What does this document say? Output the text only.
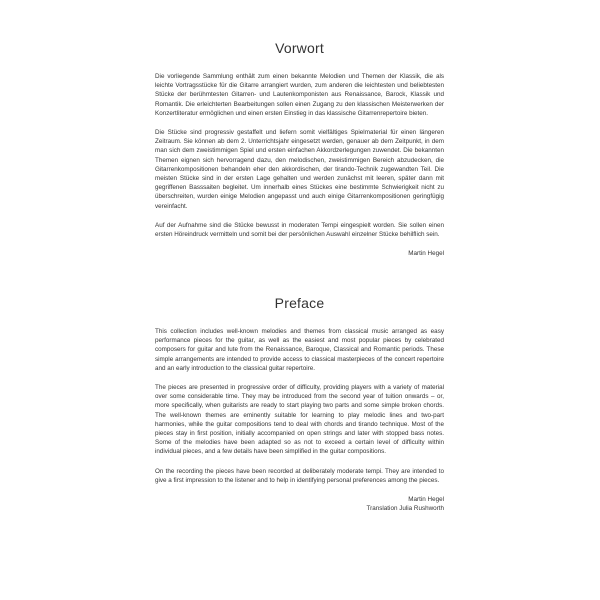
Vorwort

Die vorliegende Sammlung enthält zum einen bekannte Melodien und Themen der Klassik, die als leichte Vortragsstücke für die Gitarre arrangiert wurden, zum anderen die leichtesten und beliebtesten Stücke der berühmtesten Gitarren- und Lautenkomponisten aus Renaissance, Barock, Klassik und Romantik. Die erleichterten Bearbeitungen sollen einen Zugang zu den klassischen Meisterwerken der Konzertliteratur ermöglichen und einen ersten Einstieg in das klassische Gitarrenrepertoire bieten.

Die Stücke sind progressiv gestaffelt und liefern somit vielfältiges Spielmaterial für einen längeren Zeitraum. Sie können ab dem 2. Unterrichtsjahr eingesetzt werden, genauer ab dem Zeitpunkt, in dem man sich dem zweistimmigen Spiel und ersten einfachen Akkordzerlegungen zuwendet. Die bekannten Themen eignen sich hervorragend dazu, den melodischen, zweistimmigen Bereich abzudecken, die Gitarrenkompositionen behandeln eher den akkordischen, der tirando-Technik zugewandten Teil. Die meisten Stücke sind in der ersten Lage gehalten und werden zunächst mit leeren, später dann mit gegriffenen Basssaiten begleitet. Um innerhalb eines Stückes eine bestimmte Schwierigkeit nicht zu überschreiten, wurden einige Melodien angepasst und auch einige Gitarrenkompositionen geringfügig vereinfacht.

Auf der Aufnahme sind die Stücke bewusst in moderaten Tempi eingespielt worden. Sie sollen einen ersten Höreindruck vermitteln und somit bei der persönlichen Auswahl einzelner Stücke behilflich sein.

Martin Hegel

Preface

This collection includes well-known melodies and themes from classical music arranged as easy performance pieces for the guitar, as well as the easiest and most popular pieces by celebrated composers for guitar and lute from the Renaissance, Baroque, Classical and Romantic periods. These simple arrangements are intended to provide access to classical masterpieces of the concert repertoire and an early introduction to the classical guitar repertoire.

The pieces are presented in progressive order of difficulty, providing players with a variety of material over some considerable time. They may be introduced from the second year of tuition onwards – or, more specifically, when guitarists are ready to start playing two parts and some simple broken chords. The well-known themes are eminently suitable for learning to play melodic lines and two-part harmonies, while the guitar compositions tend to deal with chords and tirando technique. Most of the pieces stay in first position, initially accompanied on open strings and later with stopped bass notes. Some of the melodies have been adapted so as not to exceed a certain level of difficulty within individual pieces, and a few details have been simplified in the guitar compositions.

On the recording the pieces have been recorded at deliberately moderate tempi. They are intended to give a first impression to the listener and to help in identifying personal preferences among the pieces.

Martin Hegel

Translation Julia Rushworth
